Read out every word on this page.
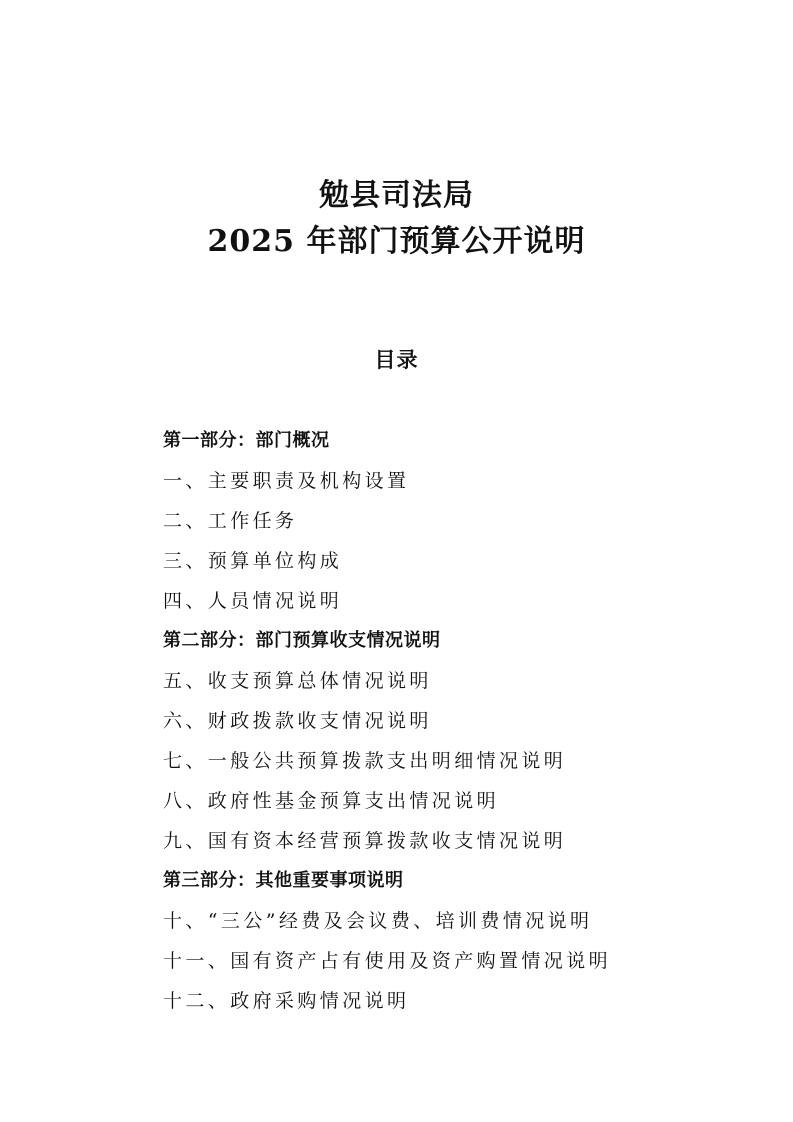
勉县司法局
2025 年部门预算公开说明
目录
第一部分：部门概况
一、主要职责及机构设置
二、工作任务
三、预算单位构成
四、人员情况说明
第二部分：部门预算收支情况说明
五、收支预算总体情况说明
六、财政拨款收支情况说明
七、一般公共预算拨款支出明细情况说明
八、政府性基金预算支出情况说明
九、国有资本经营预算拨款收支情况说明
第三部分：其他重要事项说明
十、“三公”经费及会议费、培训费情况说明
十一、国有资产占有使用及资产购置情况说明
十二、政府采购情况说明
